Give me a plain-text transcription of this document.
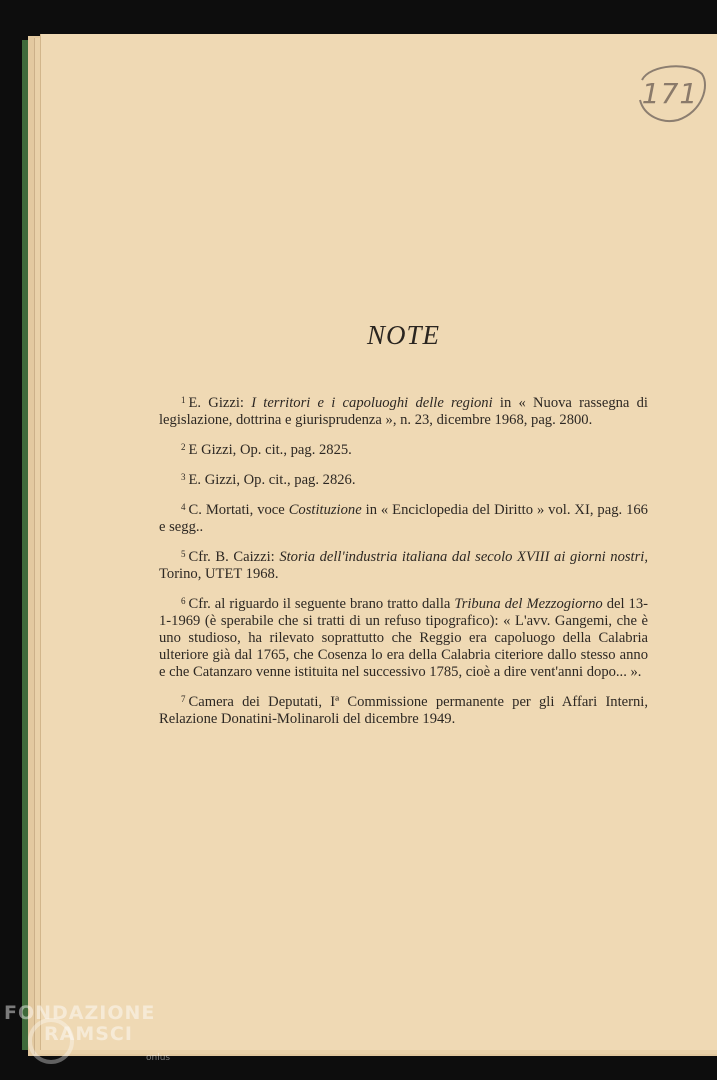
171
NOTE

$^1$ E. Gizzi: I territori e i capoluoghi delle regioni in « Nuova rassegna di legislazione, dottrina e giurisprudenza », n. 23, dicembre 1968, pag. 2800.

$^2$ E Gizzi, Op. cit., pag. 2825.

$^3$ E. Gizzi, Op. cit., pag. 2826.

$^4$ C. Mortati, voce Costituzione in « Enciclopedia del Diritto » vol. XI, pag. 166 e segg..

$^5$ Cfr. B. Caizzi: Storia dell'industria italiana dal secolo XVIII ai giorni nostri, Torino, UTET 1968.

$^6$ Cfr. al riguardo il seguente brano tratto dalla Tribuna del Mezzogiorno del 13-1-1969 (è sperabile che si tratti di un refuso tipografico): « L'avv. Gangemi, che è uno studioso, ha rilevato soprattutto che Reggio era capoluogo della Calabria ulteriore già dal 1765, che Cosenza lo era della Calabria citeriore dallo stesso anno e che Catanzaro venne istituita nel successivo 1785, cioè a dire vent'anni dopo... ».

$^7$ Camera dei Deputati, Iª Commissione permanente per gli Affari Interni, Relazione Donatini-Molinaroli del dicembre 1949.

FONDAZIONE
RAMSCI
onlus
